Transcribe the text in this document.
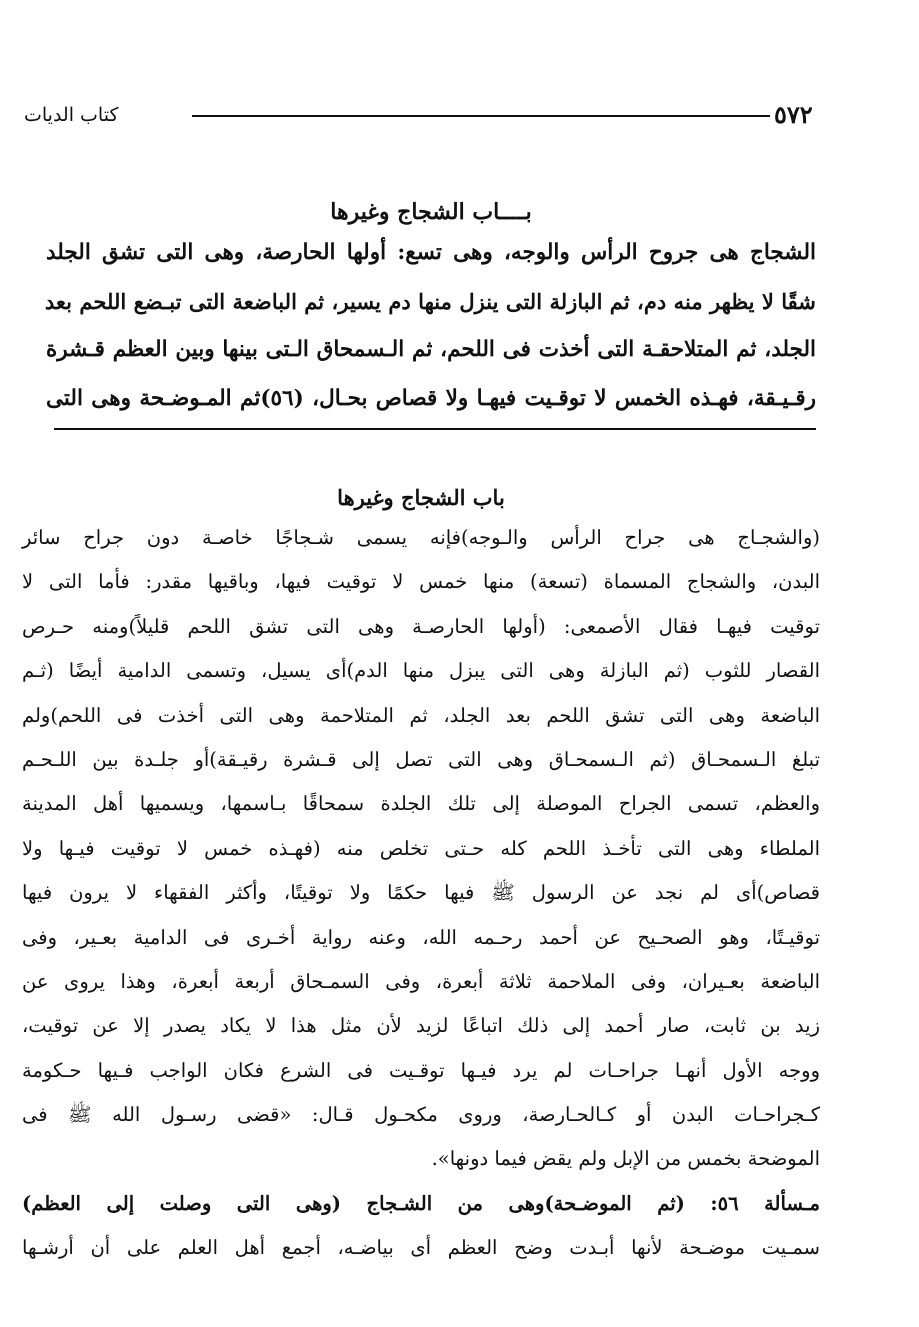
كتاب الديات	٥٧٢
بــــاب الشجاج وغيرها
الشجاج هى جروح الرأس والوجه، وهى تسع: أولها الحارصة، وهى التى تشق الجلد
شقًا لا يظهر منه دم، ثم البازلة التى ينزل منها دم يسير، ثم الباضعة التى تبـضع اللحم بعد
الجلد، ثم المتلاحقـة التى أخذت فى اللحم، ثم الـسمحاق الـتى بينها وبين العظم قـشرة
رقـيـقة، فهـذه الخمس لا توقـيت فيهـا ولا قصاص بحـال، (٥٦)ثم المـوضـحة وهى التى
باب الشجاج وغيرها
(والشجـاج هى جراح الرأس والـوجه)فإنه يسمى شـجاجًا خاصـة دون جراح سائر
البدن، والشجاج المسماة (تسعة) منها خمس لا توقيت فيها، وباقيها مقدر: فأما التى لا
توقيت فيهـا فقال الأصمعى: (أولها الحارصـة وهى التى تشق اللحم قليلاً)ومنه حـرص
القصار للثوب (ثم البازلة وهى التى يبزل منها الدم)أى يسيل، وتسمى الدامية أيضًا (ثـم
الباضعة وهى التى تشق اللحم بعد الجلد، ثم المتلاحمة وهى التى أخذت فى اللحم)ولم
تبلغ الـسمحـاق (ثم الـسمحـاق وهى التى تصل إلى قـشرة رقيـقة)أو جلـدة بين اللـحـم
والعظم، تسمى الجراح الموصلة إلى تلك الجلدة سمحاقًا بـاسمها، ويسميها أهل المدينة
الملطاء وهى التى تأخـذ اللحم كله حـتى تخلص منه (فهـذه خمس لا توقيت فيـها ولا
قصاص)أى لم نجد عن الرسول ﷺ فيها حكمًا ولا توقيتًا، وأكثر الفقهاء لا يرون فيها
توقيـتًا، وهو الصحـيح عن أحمد رحـمه الله، وعنه رواية أخـرى فى الدامية بعـير، وفى
الباضعة بعـيران، وفى الملاحمة ثلاثة أبعرة، وفى السمـحاق أربعة أبعرة، وهذا يروى عن
زيد بن ثابت، صار أحمد إلى ذلك اتباعًا لزيد لأن مثل هذا لا يكاد يصدر إلا عن توقيت،
ووجه الأول أنهـا جراحـات لم يرد فيـها توقـيت فى الشرع فكان الواجب فـيها حـكومة
كـجراحـات البدن أو كـالحـارصة، وروى مكحـول قـال: «قضى رسـول الله ﷺ فى
الموضحة بخمس من الإبل ولم يقض فيما دونها».
مـسألة ٥٦: (ثم الموضـحة)وهى من الشـجاج (وهى التى وصلت إلى العظم)
سمـيت موضـحة لأنها أبـدت وضح العظم أى بياضـه، أجمع أهل العلم على أن أرشـها
